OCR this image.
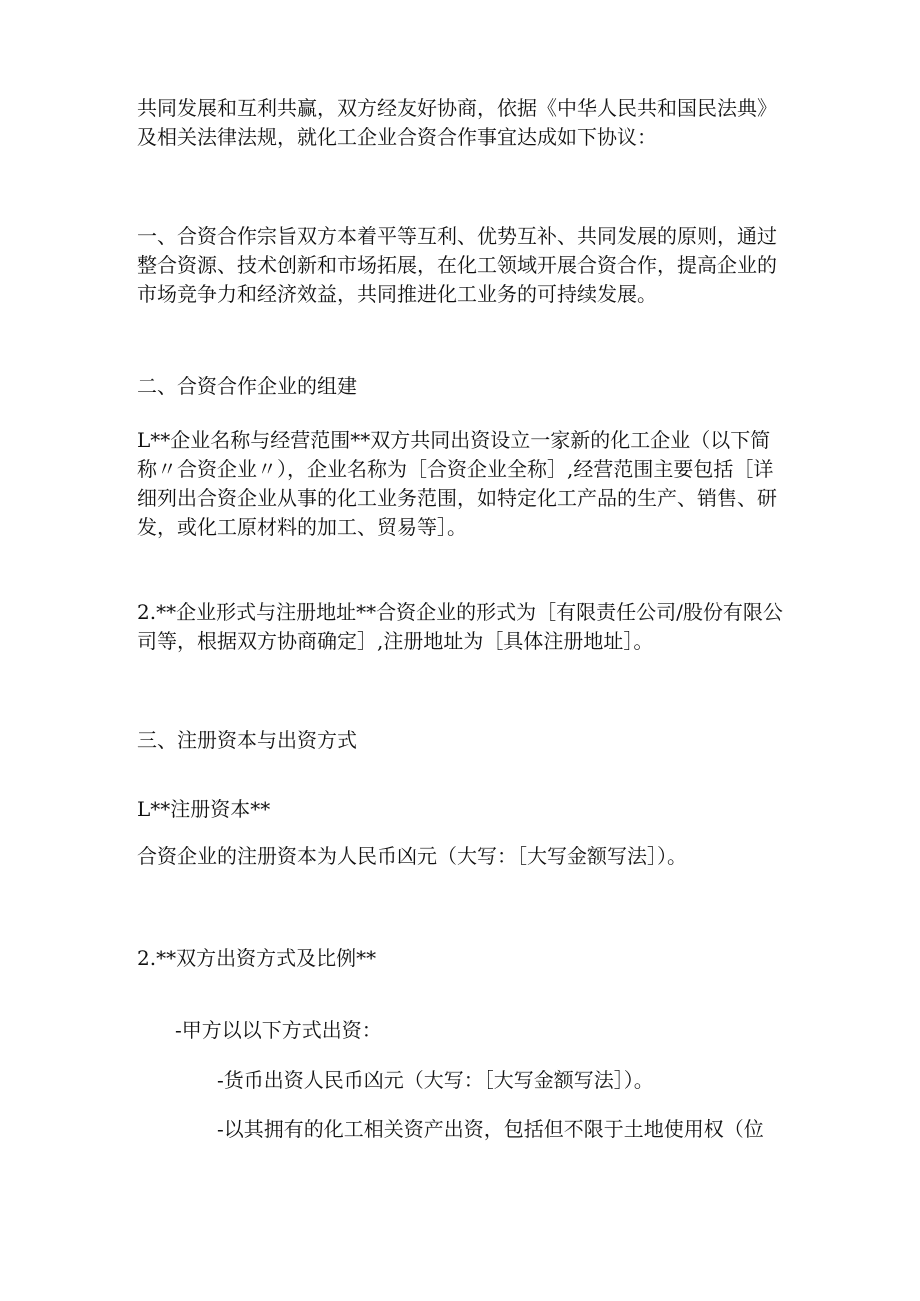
共同发展和互利共赢，双方经友好协商，依据《中华人民共和国民法典》及相关法律法规，就化工企业合资合作事宜达成如下协议：

一、合资合作宗旨双方本着平等互利、优势互补、共同发展的原则，通过整合资源、技术创新和市场拓展，在化工领域开展合资合作，提高企业的市场竞争力和经济效益，共同推进化工业务的可持续发展。

二、合资合作企业的组建

L**企业名称与经营范围**双方共同出资设立一家新的化工企业（以下简称〃合资企业〃），企业名称为［合资企业全称］,经营范围主要包括［详细列出合资企业从事的化工业务范围，如特定化工产品的生产、销售、研发，或化工原材料的加工、贸易等］。

2.**企业形式与注册地址**合资企业的形式为［有限责任公司/股份有限公司等，根据双方协商确定］,注册地址为［具体注册地址］。

三、注册资本与出资方式

L**注册资本**

合资企业的注册资本为人民币凶元（大写：［大写金额写法］）。

2.**双方出资方式及比例**

-甲方以以下方式出资：

-货币出资人民币凶元（大写：［大写金额写法］）。

-以其拥有的化工相关资产出资，包括但不限于土地使用权（位
